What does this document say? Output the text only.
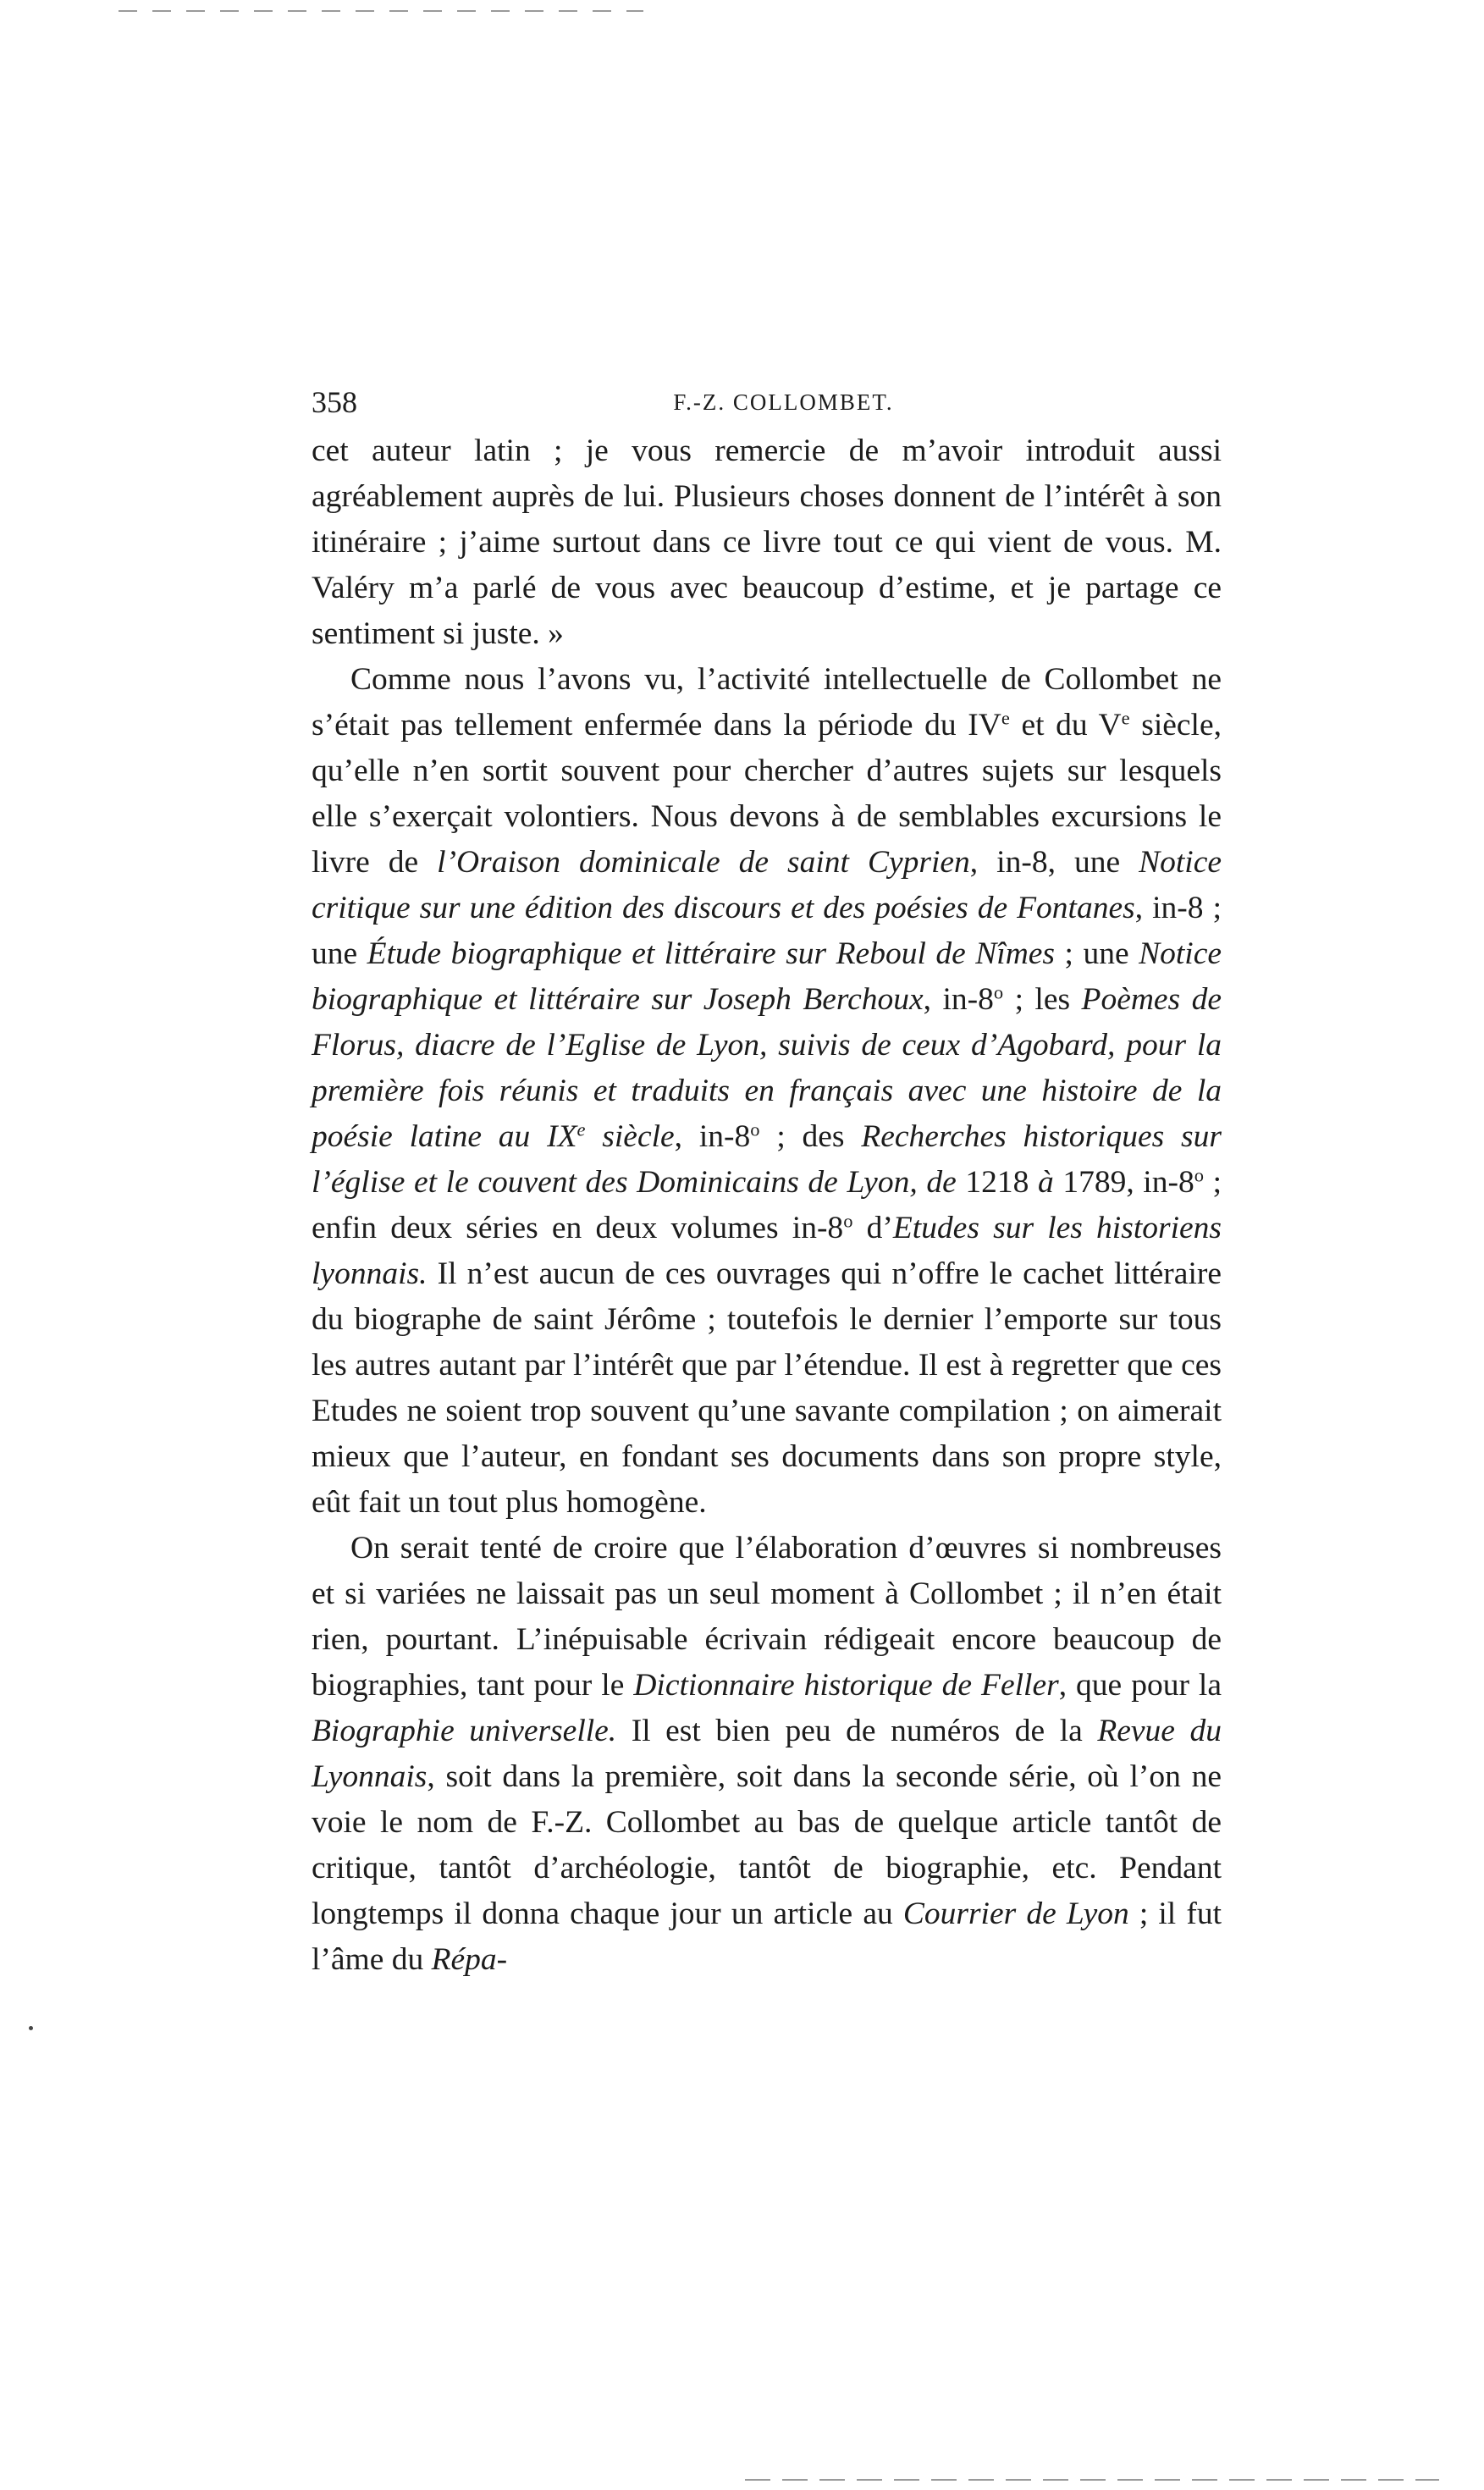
358	F.-Z. COLLOMBET.

cet auteur latin ; je vous remercie de m’avoir introduit aussi agréablement auprès de lui. Plusieurs choses donnent de l’intérêt à son itinéraire ; j’aime surtout dans ce livre tout ce qui vient de vous. M. Valéry m’a parlé de vous avec beaucoup d’estime, et je partage ce sentiment si juste. »

Comme nous l’avons vu, l’activité intellectuelle de Collombet ne s’était pas tellement enfermée dans la période du IVe et du Ve siècle, qu’elle n’en sortit souvent pour chercher d’autres sujets sur lesquels elle s’exerçait volontiers. Nous devons à de semblables excursions le livre de l’Oraison dominicale de saint Cyprien, in-8, une Notice critique sur une édition des discours et des poésies de Fontanes, in-8 ; une Étude biographique et littéraire sur Reboul de Nîmes ; une Notice biographique et littéraire sur Joseph Berchoux, in-8$^o$ ; les Poèmes de Florus, diacre de l’Eglise de Lyon, suivis de ceux d’Agobard, pour la première fois réunis et traduits en français avec une histoire de la poésie latine au IXe siècle, in-8$^o$ ; des Recherches historiques sur l’église et le couvent des Dominicains de Lyon, de 1218 à 1789, in-8$^o$ ; enfin deux séries en deux volumes in-8$^o$ d’Etudes sur les historiens lyonnais. Il n’est aucun de ces ouvrages qui n’offre le cachet littéraire du biographe de saint Jérôme ; toutefois le dernier l’emporte sur tous les autres autant par l’intérêt que par l’étendue. Il est à regretter que ces Etudes ne soient trop souvent qu’une savante compilation ; on aimerait mieux que l’auteur, en fondant ses documents dans son propre style, eût fait un tout plus homogène.

On serait tenté de croire que l’élaboration d’œuvres si nombreuses et si variées ne laissait pas un seul moment à Collombet ; il n’en était rien, pourtant. L’inépuisable écrivain rédigeait encore beaucoup de biographies, tant pour le Dictionnaire historique de Feller, que pour la Biographie universelle. Il est bien peu de numéros de la Revue du Lyonnais, soit dans la première, soit dans la seconde série, où l’on ne voie le nom de F.-Z. Collombet au bas de quelque article tantôt de critique, tantôt d’archéologie, tantôt de biographie, etc. Pendant longtemps il donna chaque jour un article au Courrier de Lyon ; il fut l’âme du Répa-
